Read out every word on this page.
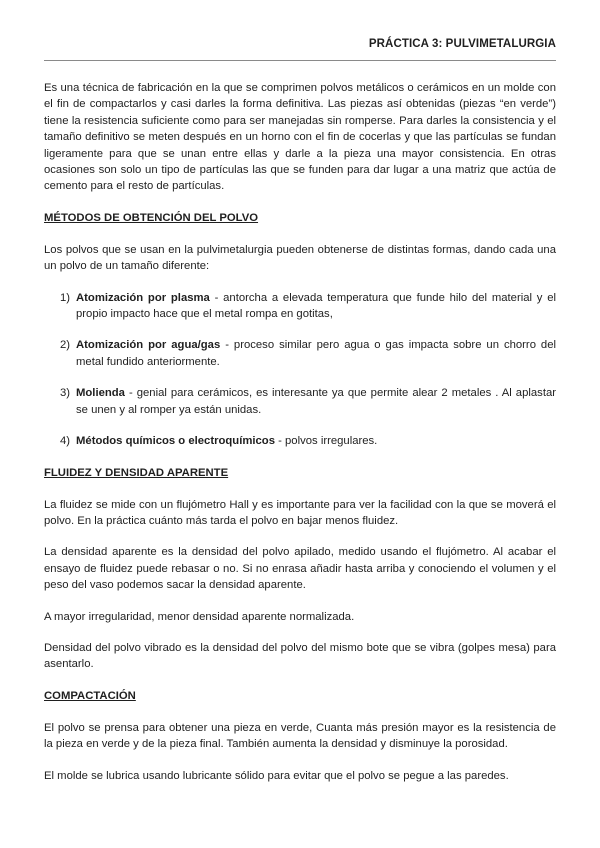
PRÁCTICA 3: PULVIMETALURGIA

Es una técnica de fabricación en la que se comprimen polvos metálicos o cerámicos en un molde con el fin de compactarlos y casi darles la forma definitiva. Las piezas así obtenidas (piezas “en verde”) tiene la resistencia suficiente como para ser manejadas sin romperse. Para darles la consistencia y el tamaño definitivo se meten después en un horno con el fin de cocerlas y que las partículas se fundan ligeramente para que se unan entre ellas y darle a la pieza una mayor consistencia. En otras ocasiones son solo un tipo de partículas las que se funden para dar lugar a una matriz que actúa de cemento para el resto de partículas.

MÉTODOS DE OBTENCIÓN DEL POLVO

Los polvos que se usan en la pulvimetalurgia pueden obtenerse de distintas formas, dando cada una un polvo de un tamaño diferente:

1) Atomización por plasma - antorcha a elevada temperatura que funde hilo del material y el propio impacto hace que el metal rompa en gotitas,
2) Atomización por agua/gas - proceso similar pero agua o gas impacta sobre un chorro del metal fundido anteriormente.
3) Molienda - genial para cerámicos, es interesante ya que permite alear 2 metales . Al aplastar se unen y al romper ya están unidas.
4) Métodos químicos o electroquímicos - polvos irregulares.
FLUIDEZ Y DENSIDAD APARENTE

La fluidez se mide con un flujómetro Hall y es importante para ver la facilidad con la que se moverá el polvo. En la práctica cuánto más tarda el polvo en bajar menos fluidez.

La densidad aparente es la densidad del polvo apilado, medido usando el flujómetro. Al acabar el ensayo de fluidez puede rebasar o no. Si no enrasa añadir hasta arriba y conociendo el volumen y el peso del vaso podemos sacar la densidad aparente.

A mayor irregularidad, menor densidad aparente normalizada.

Densidad del polvo vibrado es la densidad del polvo del mismo bote que se vibra (golpes mesa) para asentarlo.

COMPACTACIÓN

El polvo se prensa para obtener una pieza en verde, Cuanta más presión mayor es la resistencia de la pieza en verde y de la pieza final. También aumenta la densidad y disminuye la porosidad.

El molde se lubrica usando lubricante sólido para evitar que el polvo se pegue a las paredes.
